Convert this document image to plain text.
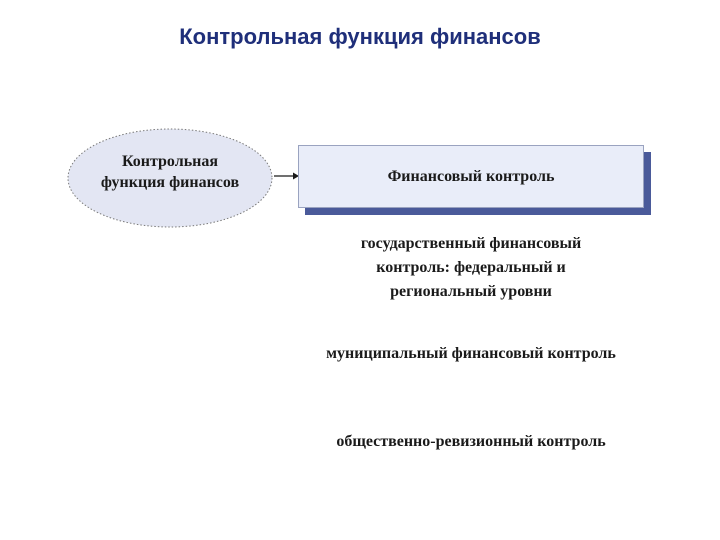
Контрольная функция финансов
Контрольная
функция финансов	Финансовый контроль
государственный финансовый
контроль: федеральный и
региональный уровни
муниципальный финансовый контроль
общественно-ревизионный контроль
